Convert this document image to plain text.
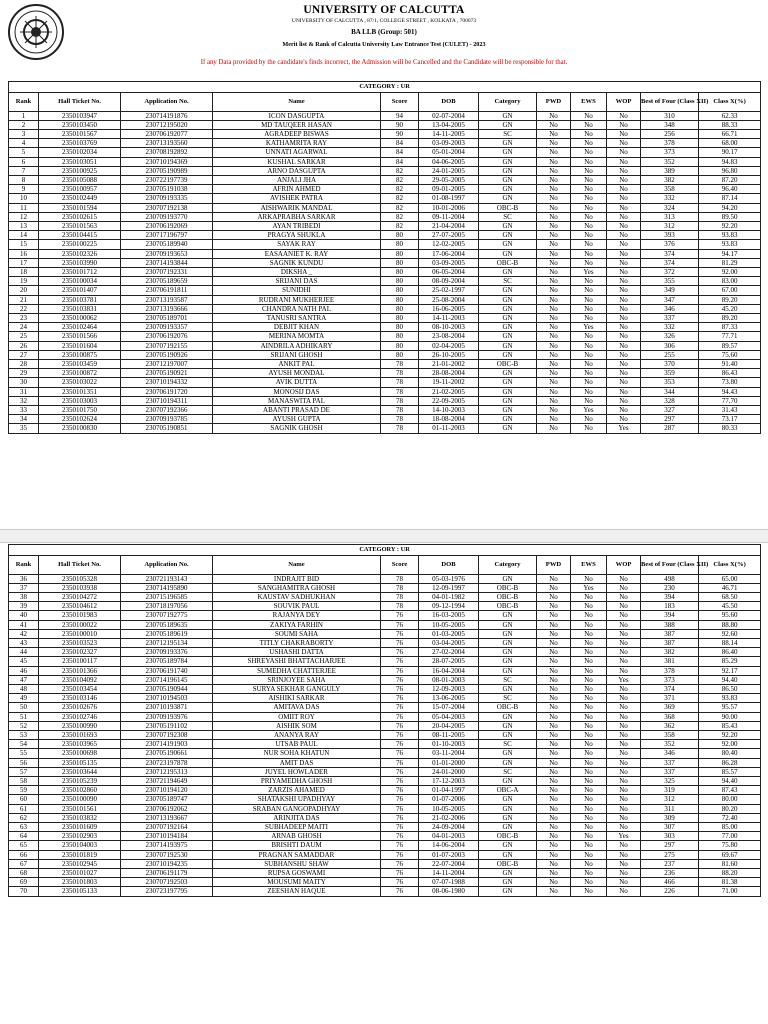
UNIVERSITY OF CALCUTTA
UNIVERSITY OF CALCUTTA , 87/1, COLLEGE STREET , KOLKATA , 700073
BA LLB (Group: 501)
Merit list & Rank of Calcutta University Law Entrance Test (CULET) - 2023
If any Data provided by the candidate's finds incorrect, the Admission will be Cancelled and the Candidate will be responsible for that.
CATEGORY : UR											
Rank	Hall Ticket No.	Application No.	Name	Score	DOB	Category	PWD	EWS	WOP	Best of Four (Class XII)	Class X(%)
1	2350103947	230714191876	ICON DASGUPTA	94	02-07-2004	GN	No	No	No	310	62.33
2	2350103450	230712195020	MD TAUQEER HASAN	90	13-04-2005	GN	No	No	No	348	88.33
3	2350101567	230706192077	AGRADEEP BISWAS	90	14-11-2005	SC	No	No	No	256	66.71
4	2350103769	230713193560	KATHAMRITA RAY	84	03-09-2003	GN	No	No	No	378	68.00
5	2350102034	230708192892	UNNATI AGARWAL	84	05-01-2004	GN	No	No	No	373	90.17
6	2350103051	230710194369	KUSHAL SARKAR	84	04-06-2005	GN	No	No	No	352	94.83
7	2350100925	230705190989	ARNO DASGUPTA	82	24-01-2005	GN	No	No	No	389	96.80
8	2350105088	230722197739	ANJALI JHA	82	29-05-2005	GN	No	No	No	382	87.20
9	2350100957	230705191038	AFRIN AHMED	82	09-01-2005	GN	No	No	No	358	96.40
10	2350102449	230709193335	AVISHEK PATRA	82	01-08-1997	GN	No	No	No	332	87.14
11	2350101594	230707192138	AISHWARIK MANDAL	82	10-01-2006	OBC-B	No	No	No	324	94.20
12	2350102615	230709193770	ARKAPRABHA SARKAR	82	09-11-2004	SC	No	No	No	313	89.50
13	2350101563	230706192069	AYAN TRIBEDI	82	21-04-2004	GN	No	No	No	312	92.20
14	2350104415	230717196797	PRAGYA SHUKLA	80	27-07-2005	GN	No	No	No	393	93.83
15	2350100225	230705189940	SAYAK RAY	80	12-02-2005	GN	No	No	No	376	93.83
16	2350102326	230709193653	EASAANIET K. RAY	80	17-06-2004	GN	No	No	No	374	94.17
17	2350103990	230714193844	SAGNIK KUNDU	80	03-09-2005	OBC-B	No	No	No	374	81.29
18	2350101712	230707192331	DIKSHA _	80	06-05-2004	GN	No	Yes	No	372	92.00
19	2350100034	230705189659	SRIJANI DAS	80	08-09-2004	SC	No	No	No	355	83.00
20	2350101407	230706191811	SUNIDHI	80	25-02-1997	GN	No	No	No	349	67.00
21	2350103781	230713193587	RUDRANI MUKHERJEE	80	25-08-2004	GN	No	No	No	347	89.20
22	2350103831	230713193666	CHANDRA NATH PAL	80	16-06-2005	GN	No	No	No	346	45.20
23	2350100062	230705189701	TANUSRI SANTRA	80	14-11-2003	GN	No	No	No	337	89.20
24	2350102464	230709193357	DEBJIT KHAN	80	08-10-2003	GN	No	Yes	No	332	87.33
25	2350101566	230706192076	MERINA MOMTA	80	23-08-2004	GN	No	No	No	326	77.71
26	2350101604	230707192155	AINDRILA ADHIKARY	80	02-04-2005	GN	No	No	No	306	89.57
27	2350100875	230705190926	SRIJANI GHOSH	80	26-10-2005	GN	No	No	No	255	75.60
28	2350103459	230712197007	ANKIT PAL	78	21-01-2002	OBC-B	No	No	No	370	91.40
29	2350100872	230705190921	AYUSH MONDAL	78	28-08-2004	GN	No	No	No	359	86.43
30	2350103022	230710194332	AVIK DUTTA	78	19-11-2002	GN	No	No	No	353	73.80
31	2350101351	230706191720	MONOSIJ DAS	78	21-02-2005	GN	No	No	No	344	94.43
32	2350103003	230710194311	MANASWITA PAL	78	22-09-2005	GN	No	No	No	328	77.70
33	2350101750	230707192366	ABANTI PRASAD DE	78	14-10-2003	GN	No	Yes	No	327	31.43
34	2350102624	230709193785	AYUSH GUPTA	78	18-08-2004	GN	No	No	No	297	73.17
35	2350100830	230705190851	SAGNIK GHOSH	78	01-11-2003	GN	No	No	Yes	287	80.33
CATEGORY : UR											
Rank	Hall Ticket No.	Application No.	Name	Score	DOB	Category	PWD	EWS	WOP	Best of Four (Class XII)	Class X(%)
36	2350105328	230721193143	INDRAJIT BID	78	05-03-1976	GN	No	No	No	498	65.00
37	2350103938	230714195890	SANGHAMITRA GHOSH	78	12-09-1997	OBC-B	No	Yes	No	230	46.71
38	2350104272	230715196585	KAUSTAV SADHUKHAN	78	04-01-1982	OBC-B	No	No	No	394	68.50
39	2350104612	230718197056	SOUVIK PAUL	78	09-12-1994	OBC-B	No	No	No	183	45.50
40	2350101983	230707192775	RAJANYA DEY	76	16-03-2005	GN	No	No	No	394	95.60
41	2350100022	230705189635	ZAKIYA FARHIN	76	10-05-2005	GN	No	No	No	388	88.80
42	2350100010	230705189619	SOUMI SAHA	76	01-03-2005	GN	No	No	No	387	92.60
43	2350103523	230712195134	TITLY CHAKRABORTY	76	03-04-2005	GN	No	No	No	387	88.14
44	2350102327	230709193376	USHASHI DATTA	76	27-02-2004	GN	No	No	No	382	86.40
45	2350100117	230705189784	SHREYASHI BHATTACHARJEE	76	28-07-2005	GN	No	No	No	381	85.29
46	2350101366	230706191740	SUMEDHA CHATTERJEE	76	16-04-2004	GN	No	No	No	378	92.17
47	2350104092	230714196145	SRINJOYEE SAHA	76	08-01-2003	SC	No	No	Yes	373	94.40
48	2350103454	230705190944	SURYA SEKHAR GANGULY	76	12-09-2003	GN	No	No	No	374	86.50
49	2350103146	230710194503	AISHIKI SARKAR	76	13-06-2005	SC	No	No	No	371	93.83
50	2350102676	230710193871	AMITAVA DAS	76	15-07-2004	OBC-B	No	No	No	369	95.57
51	2350102746	230709193976	OMIIT ROY	76	05-04-2003	GN	No	No	No	368	90.00
52	2350100990	230705191102	AISHIK SOM	76	20-04-2005	GN	No	No	No	362	85.43
53	2350101693	230707192308	ANANYA RAY	76	08-11-2005	GN	No	No	No	358	92.20
54	2350103965	230714191903	UTSAB PAUL	76	01-10-2003	SC	No	No	No	352	92.00
55	2350100698	230705190661	NUR SOHA KHATUN	76	03-11-2004	GN	No	No	No	346	80.40
56	2350105135	230723197878	AMIT DAS	76	01-01-2000	GN	No	No	No	337	86.28
57	2350103644	230712195313	JUYEL HOWLADER	76	24-01-2000	SC	No	No	No	337	85.57
58	2350105239	230721194649	PRIYAMEDHA GHOSH	76	17-12-2003	GN	No	No	No	325	94.40
59	2350102860	230710194120	ZARZIS AHAMED	76	01-04-1997	OBC-A	No	No	No	319	87.43
60	2350100090	230705189747	SHATAKSHI UPADHYAY	76	01-07-2006	GN	No	No	No	312	80.00
61	2350101561	230706192062	SRABAN GANGOPADHYAY	76	10-05-2005	GN	No	No	No	311	80.20
62	2350103832	230713193667	ARINJITA DAS	76	21-02-2006	GN	No	No	No	309	72.40
63	2350101609	230707192164	SUBHADEEP MAITI	76	24-09-2004	GN	No	No	No	307	85.00
64	2350102903	230710194184	ARNAB GHOSH	76	04-01-2003	OBC-B	No	No	Yes	303	77.00
65	2350104003	230714193975	BRISHTI DAUM	76	14-06-2004	GN	No	No	No	297	75.80
66	2350101819	230707192530	PRAGNAN SAMADDAR	76	01-07-2003	GN	No	No	No	275	69.67
67	2350102945	230710194235	SUBHANSHU SHAW	76	22-07-2004	OBC-B	No	No	No	237	81.60
68	2350101027	230706191179	RUPSA GOSWAMI	76	14-11-2004	GN	No	No	No	236	88.20
69	2350101803	230707192503	MOUSUMI MAITY	76	07-07-1988	GN	No	No	No	466	81.38
70	2350105133	230723197795	ZEESHAN HAQUE	76	08-06-1980	GN	No	No	No	226	71.00
